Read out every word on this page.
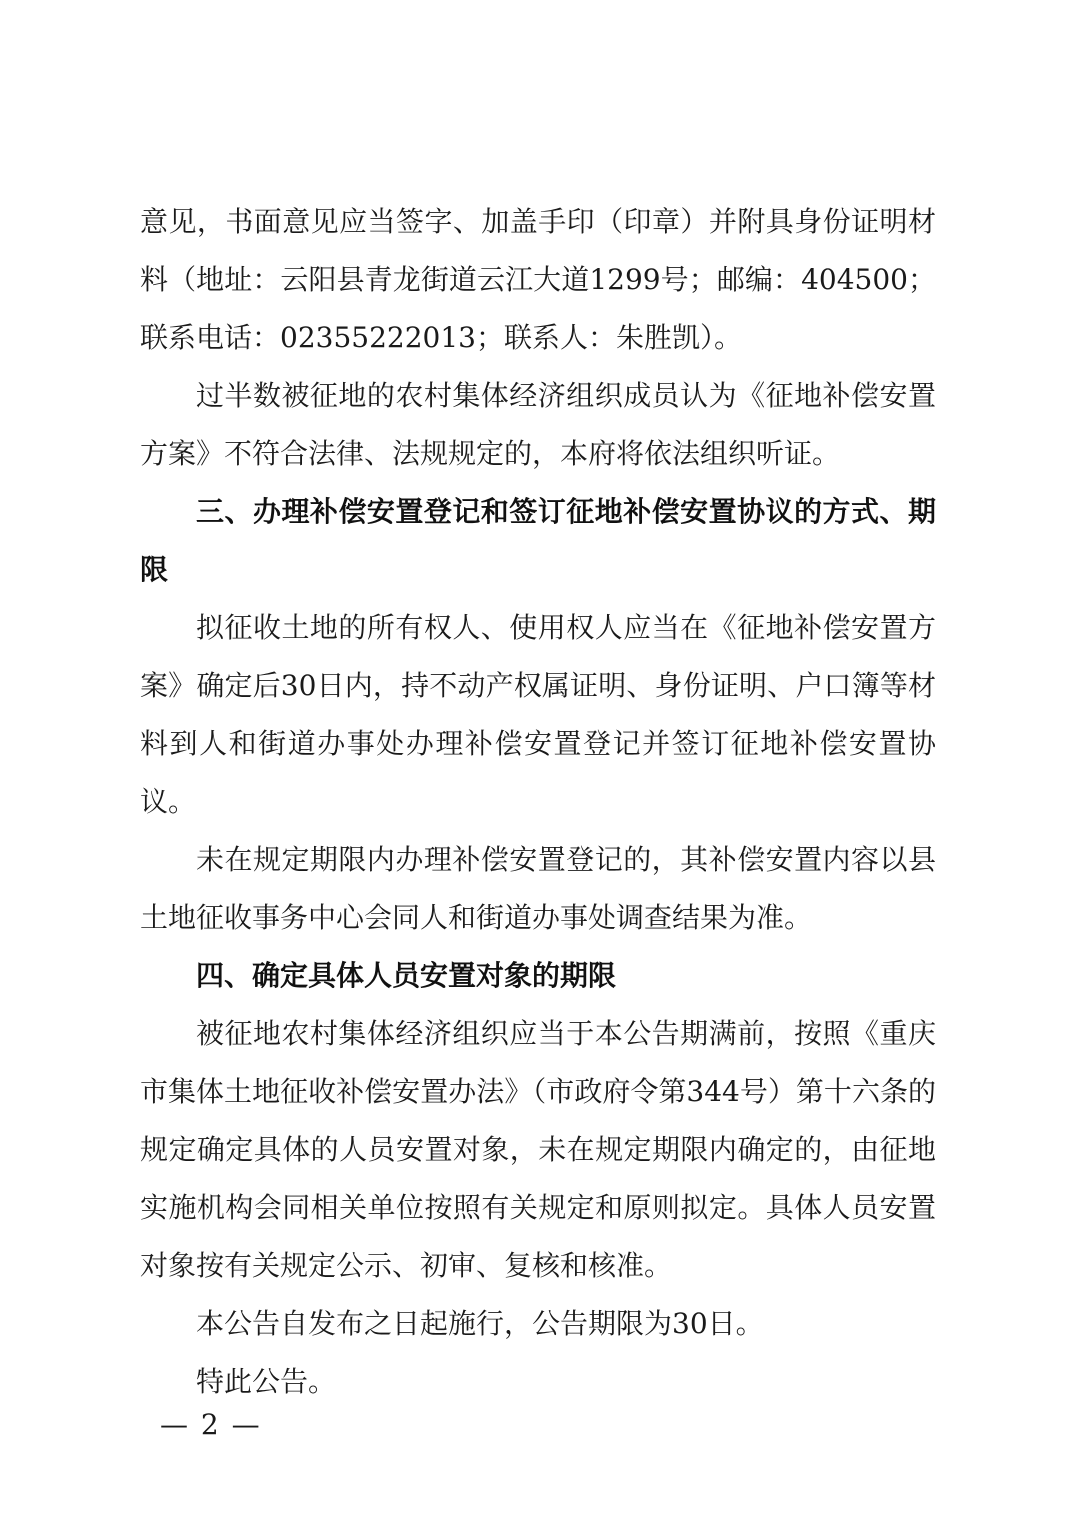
意见，书面意见应当签字、加盖手印（印章）并附具身份证明材料（地址：云阳县青龙街道云江大道1299号；邮编：404500；联系电话：02355222013；联系人：朱胜凯）。

过半数被征地的农村集体经济组织成员认为《征地补偿安置方案》不符合法律、法规规定的，本府将依法组织听证。

三、办理补偿安置登记和签订征地补偿安置协议的方式、期限

拟征收土地的所有权人、使用权人应当在《征地补偿安置方案》确定后30日内，持不动产权属证明、身份证明、户口簿等材料到人和街道办事处办理补偿安置登记并签订征地补偿安置协议。

未在规定期限内办理补偿安置登记的，其补偿安置内容以县土地征收事务中心会同人和街道办事处调查结果为准。

四、确定具体人员安置对象的期限

被征地农村集体经济组织应当于本公告期满前，按照《重庆市集体土地征收补偿安置办法》（市政府令第344号）第十六条的规定确定具体的人员安置对象，未在规定期限内确定的，由征地实施机构会同相关单位按照有关规定和原则拟定。具体人员安置对象按有关规定公示、初审、复核和核准。

本公告自发布之日起施行，公告期限为30日。

特此公告。

— 2 —
